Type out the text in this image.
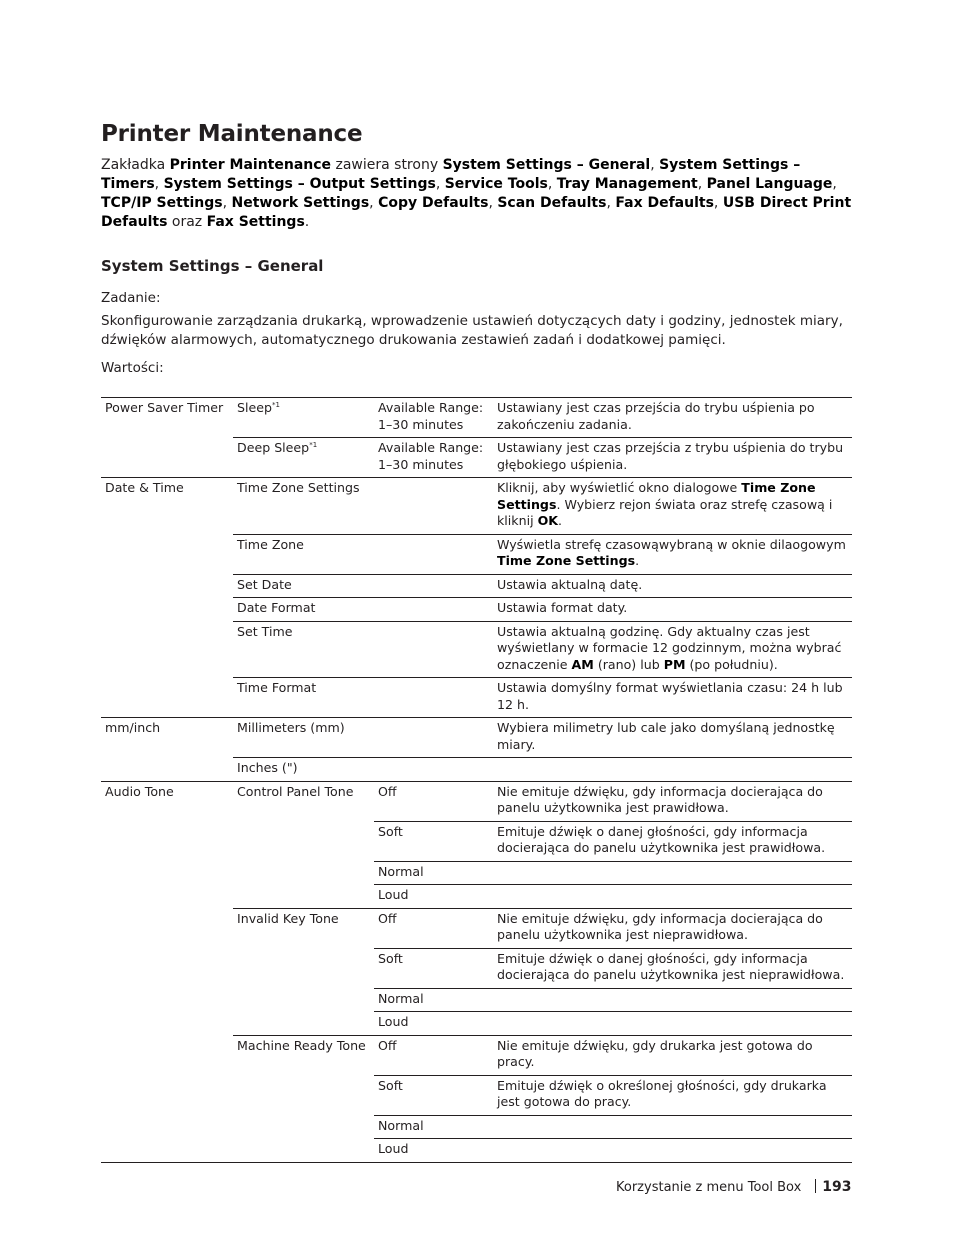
Printer Maintenance

Zakładka Printer Maintenance zawiera strony System Settings – General, System Settings – Timers, System Settings – Output Settings, Service Tools, Tray Management, Panel Language, TCP/IP Settings, Network Settings, Copy Defaults, Scan Defaults, Fax Defaults, USB Direct Print Defaults oraz Fax Settings.

System Settings – General

Zadanie:

Skonfigurowanie zarządzania drukarką, wprowadzenie ustawień dotyczących daty i godziny, jednostek miary, dźwięków alarmowych, automatycznego drukowania zestawień zadań i dodatkowej pamięci.

Wartości:

Power Saver Timer	Sleep$^{*1}$	Available Range: 1–30 minutes	Ustawiany jest czas przejścia do trybu uśpienia po zakończeniu zadania.
	Deep Sleep$^{*1}$	Available Range: 1–30 minutes	Ustawiany jest czas przejścia z trybu uśpienia do trybu głębokiego uśpienia.
Date & Time	Time Zone Settings		Kliknij, aby wyświetlić okno dialogowe Time Zone Settings. Wybierz rejon świata oraz strefę czasową i kliknij OK.
	Time Zone		Wyświetla strefę czasowąwybraną w oknie dilaogowym Time Zone Settings.
	Set Date		Ustawia aktualną datę.
	Date Format		Ustawia format daty.
	Set Time		Ustawia aktualną godzinę. Gdy aktualny czas jest wyświetlany w formacie 12 godzinnym, można wybrać oznaczenie AM (rano) lub PM (po południu).
	Time Format		Ustawia domyślny format wyświetlania czasu: 24 h lub 12 h.
mm/inch	Millimeters (mm)		Wybiera milimetry lub cale jako domyślaną jednostkę miary.
	Inches (")		
Audio Tone	Control Panel Tone	Off	Nie emituje dźwięku, gdy informacja docierająca do panelu użytkownika jest prawidłowa.
		Soft	Emituje dźwięk o danej głośności, gdy informacja docierająca do panelu użytkownika jest prawidłowa.
		Normal	
		Loud	
	Invalid Key Tone	Off	Nie emituje dźwięku, gdy informacja docierająca do panelu użytkownika jest nieprawidłowa.
		Soft	Emituje dźwięk o danej głośności, gdy informacja docierająca do panelu użytkownika jest nieprawidłowa.
		Normal	
		Loud	
	Machine Ready Tone	Off	Nie emituje dźwięku, gdy drukarka jest gotowa do pracy.
		Soft	Emituje dźwięk o określonej głośności, gdy drukarka jest gotowa do pracy.
		Normal	
		Loud	
Korzystanie z menu Tool Box 193
